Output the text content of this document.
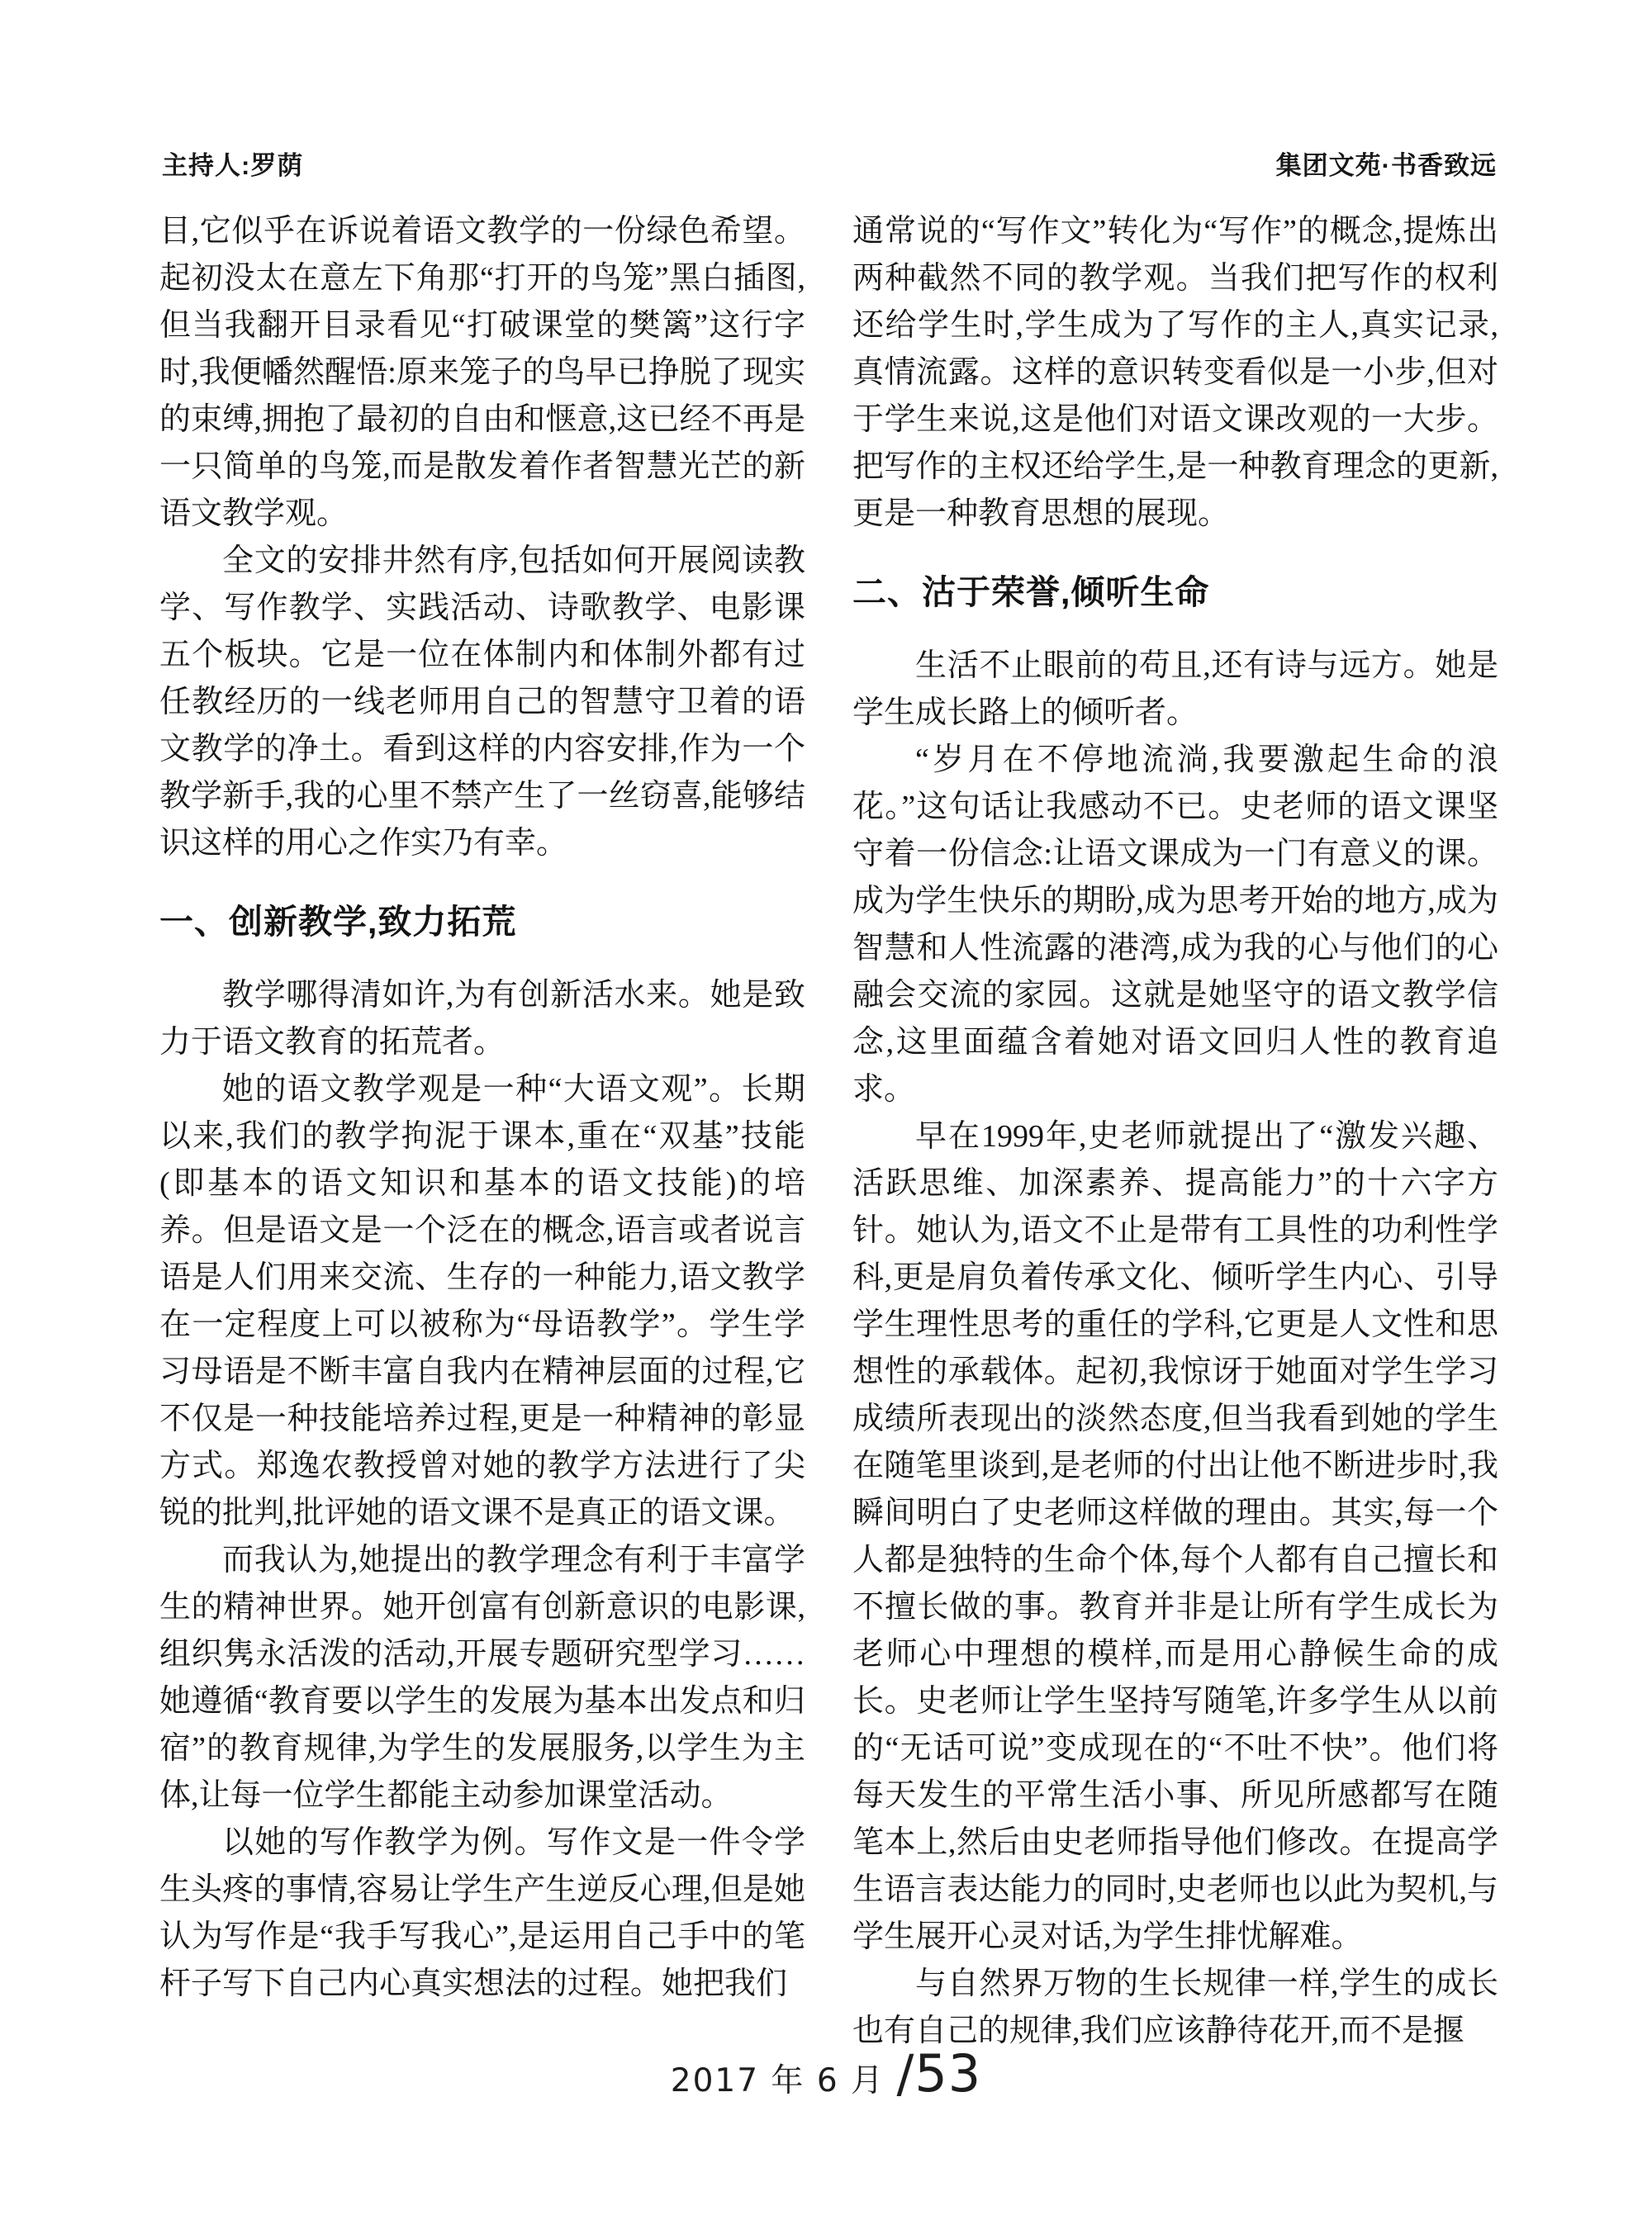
主持人:罗荫	集团文苑·书香致远

目,它似乎在诉说着语文教学的一份绿色希望。起初没太在意左下角那“打开的鸟笼”黑白插图,但当我翻开目录看见“打破课堂的樊篱”这行字时,我便幡然醒悟:原来笼子的鸟早已挣脱了现实的束缚,拥抱了最初的自由和惬意,这已经不再是一只简单的鸟笼,而是散发着作者智慧光芒的新语文教学观。

全文的安排井然有序,包括如何开展阅读教学、写作教学、实践活动、诗歌教学、电影课五个板块。它是一位在体制内和体制外都有过任教经历的一线老师用自己的智慧守卫着的语文教学的净土。看到这样的内容安排,作为一个教学新手,我的心里不禁产生了一丝窃喜,能够结识这样的用心之作实乃有幸。

一、创新教学,致力拓荒

教学哪得清如许,为有创新活水来。她是致力于语文教育的拓荒者。

她的语文教学观是一种“大语文观”。长期以来,我们的教学拘泥于课本,重在“双基”技能(即基本的语文知识和基本的语文技能)的培养。但是语文是一个泛在的概念,语言或者说言语是人们用来交流、生存的一种能力,语文教学在一定程度上可以被称为“母语教学”。学生学习母语是不断丰富自我内在精神层面的过程,它不仅是一种技能培养过程,更是一种精神的彰显方式。郑逸农教授曾对她的教学方法进行了尖锐的批判,批评她的语文课不是真正的语文课。

而我认为,她提出的教学理念有利于丰富学生的精神世界。她开创富有创新意识的电影课,组织隽永活泼的活动,开展专题研究型学习……她遵循“教育要以学生的发展为基本出发点和归宿”的教育规律,为学生的发展服务,以学生为主体,让每一位学生都能主动参加课堂活动。

以她的写作教学为例。写作文是一件令学生头疼的事情,容易让学生产生逆反心理,但是她认为写作是“我手写我心”,是运用自己手中的笔杆子写下自己内心真实想法的过程。她把我们

通常说的“写作文”转化为“写作”的概念,提炼出两种截然不同的教学观。当我们把写作的权利还给学生时,学生成为了写作的主人,真实记录,真情流露。这样的意识转变看似是一小步,但对于学生来说,这是他们对语文课改观的一大步。把写作的主权还给学生,是一种教育理念的更新,更是一种教育思想的展现。

二、沽于荣誉,倾听生命

生活不止眼前的苟且,还有诗与远方。她是学生成长路上的倾听者。

“岁月在不停地流淌,我要激起生命的浪花。”这句话让我感动不已。史老师的语文课坚守着一份信念:让语文课成为一门有意义的课。成为学生快乐的期盼,成为思考开始的地方,成为智慧和人性流露的港湾,成为我的心与他们的心融会交流的家园。这就是她坚守的语文教学信念,这里面蕴含着她对语文回归人性的教育追求。

早在1999年,史老师就提出了“激发兴趣、活跃思维、加深素养、提高能力”的十六字方针。她认为,语文不止是带有工具性的功利性学科,更是肩负着传承文化、倾听学生内心、引导学生理性思考的重任的学科,它更是人文性和思想性的承载体。起初,我惊讶于她面对学生学习成绩所表现出的淡然态度,但当我看到她的学生在随笔里谈到,是老师的付出让他不断进步时,我瞬间明白了史老师这样做的理由。其实,每一个人都是独特的生命个体,每个人都有自己擅长和不擅长做的事。教育并非是让所有学生成长为老师心中理想的模样,而是用心静候生命的成长。史老师让学生坚持写随笔,许多学生从以前的“无话可说”变成现在的“不吐不快”。他们将每天发生的平常生活小事、所见所感都写在随笔本上,然后由史老师指导他们修改。在提高学生语言表达能力的同时,史老师也以此为契机,与学生展开心灵对话,为学生排忧解难。

与自然界万物的生长规律一样,学生的成长也有自己的规律,我们应该静待花开,而不是揠

2017 年 6 月 /53
